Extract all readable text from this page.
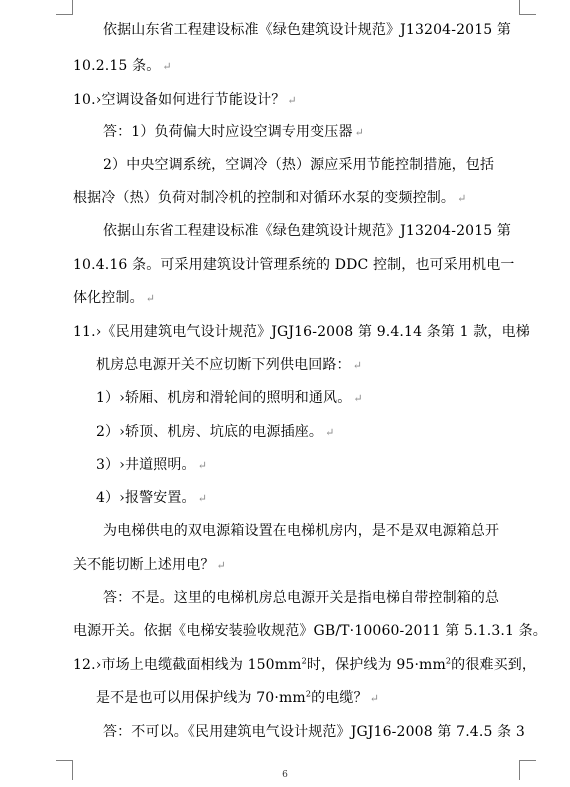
依据山东省工程建设标准《绿色建筑设计规范》J13204-2015 第
10.2.15 条。 ↵
10.›空调设备如何进行节能设计？ ↵
答：1）负荷偏大时应设空调专用变压器 ↵
2）中央空调系统，空调冷（热）源应采用节能控制措施，包括
根据冷（热）负荷对制冷机的控制和对循环水泵的变频控制。 ↵
依据山东省工程建设标准《绿色建筑设计规范》J13204-2015 第
10.4.16 条。可采用建筑设计管理系统的 DDC 控制，也可采用机电一
体化控制。 ↵
11.›《民用建筑电气设计规范》JGJ16-2008 第 9.4.14 条第 1 款，电梯
机房总电源开关不应切断下列供电回路： ↵
1）›轿厢、机房和滑轮间的照明和通风。 ↵
2）›轿顶、机房、坑底的电源插座。 ↵
3）›井道照明。 ↵
4）›报警安置。 ↵
为电梯供电的双电源箱设置在电梯机房内，是不是双电源箱总开
关不能切断上述用电？ ↵
答：不是。这里的电梯机房总电源开关是指电梯自带控制箱的总
电源开关。依据《电梯安装验收规范》GB/T·10060-2011 第 5.1.3.1 条。
12.›市场上电缆截面相线为 $150mm^2$时，保护线为 $95\cdot mm^2$的很难买到，
是不是也可以用保护线为 $70\cdot mm^2$的电缆？ ↵
答：不可以。《民用建筑电气设计规范》JGJ16-2008 第 7.4.5 条 3
6
